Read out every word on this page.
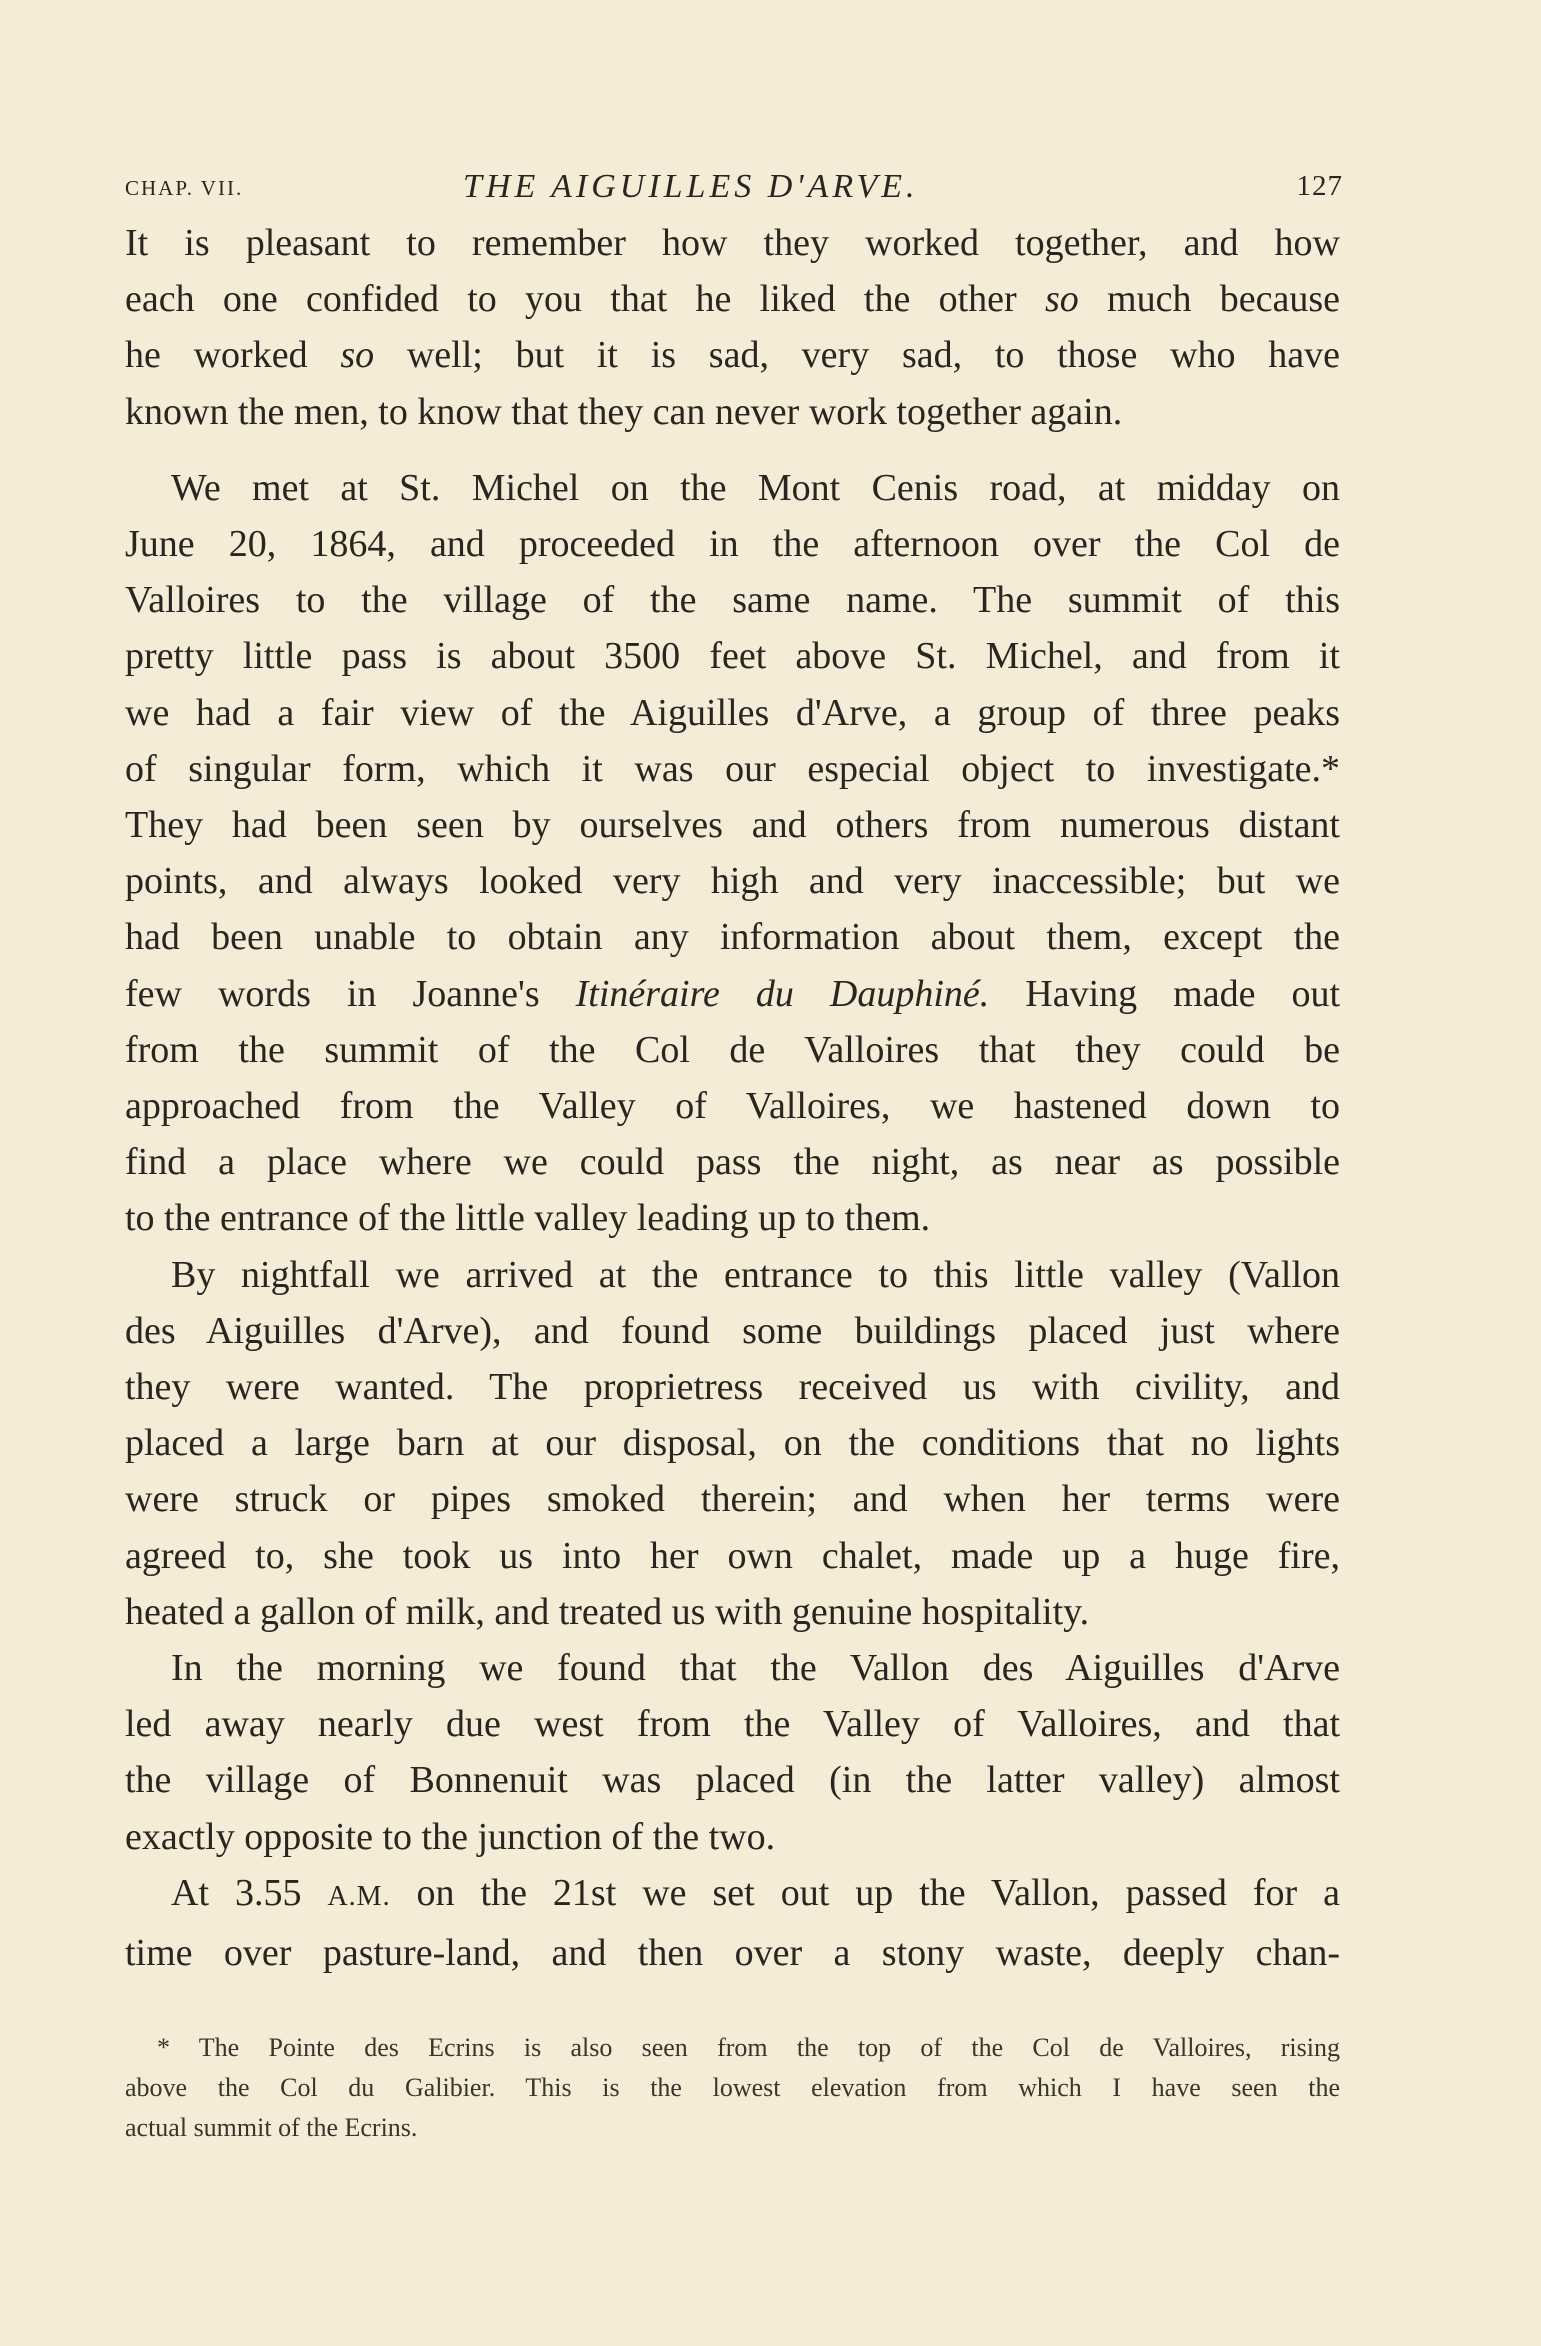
CHAP. VII.	THE AIGUILLES D'ARVE.	127

It is pleasant to remember how they worked together, and how
each one confided to you that he liked the other so much because
he worked so well; but it is sad, very sad, to those who have
known the men, to know that they can never work together again.

We met at St. Michel on the Mont Cenis road, at midday on
June 20, 1864, and proceeded in the afternoon over the Col de
Valloires to the village of the same name. The summit of this
pretty little pass is about 3500 feet above St. Michel, and from it
we had a fair view of the Aiguilles d'Arve, a group of three peaks
of singular form, which it was our especial object to investigate.*
They had been seen by ourselves and others from numerous distant
points, and always looked very high and very inaccessible; but we
had been unable to obtain any information about them, except the
few words in Joanne's Itinéraire du Dauphiné. Having made out
from the summit of the Col de Valloires that they could be
approached from the Valley of Valloires, we hastened down to
find a place where we could pass the night, as near as possible
to the entrance of the little valley leading up to them.

By nightfall we arrived at the entrance to this little valley (Vallon
des Aiguilles d'Arve), and found some buildings placed just where
they were wanted. The proprietress received us with civility, and
placed a large barn at our disposal, on the conditions that no lights
were struck or pipes smoked therein; and when her terms were
agreed to, she took us into her own chalet, made up a huge fire,
heated a gallon of milk, and treated us with genuine hospitality.

In the morning we found that the Vallon des Aiguilles d'Arve
led away nearly due west from the Valley of Valloires, and that
the village of Bonnenuit was placed (in the latter valley) almost
exactly opposite to the junction of the two.

At 3.55 A.M. on the 21st we set out up the Vallon, passed for a
time over pasture-land, and then over a stony waste, deeply chan-

* The Pointe des Ecrins is also seen from the top of the Col de Valloires, rising
above the Col du Galibier. This is the lowest elevation from which I have seen the
actual summit of the Ecrins.
